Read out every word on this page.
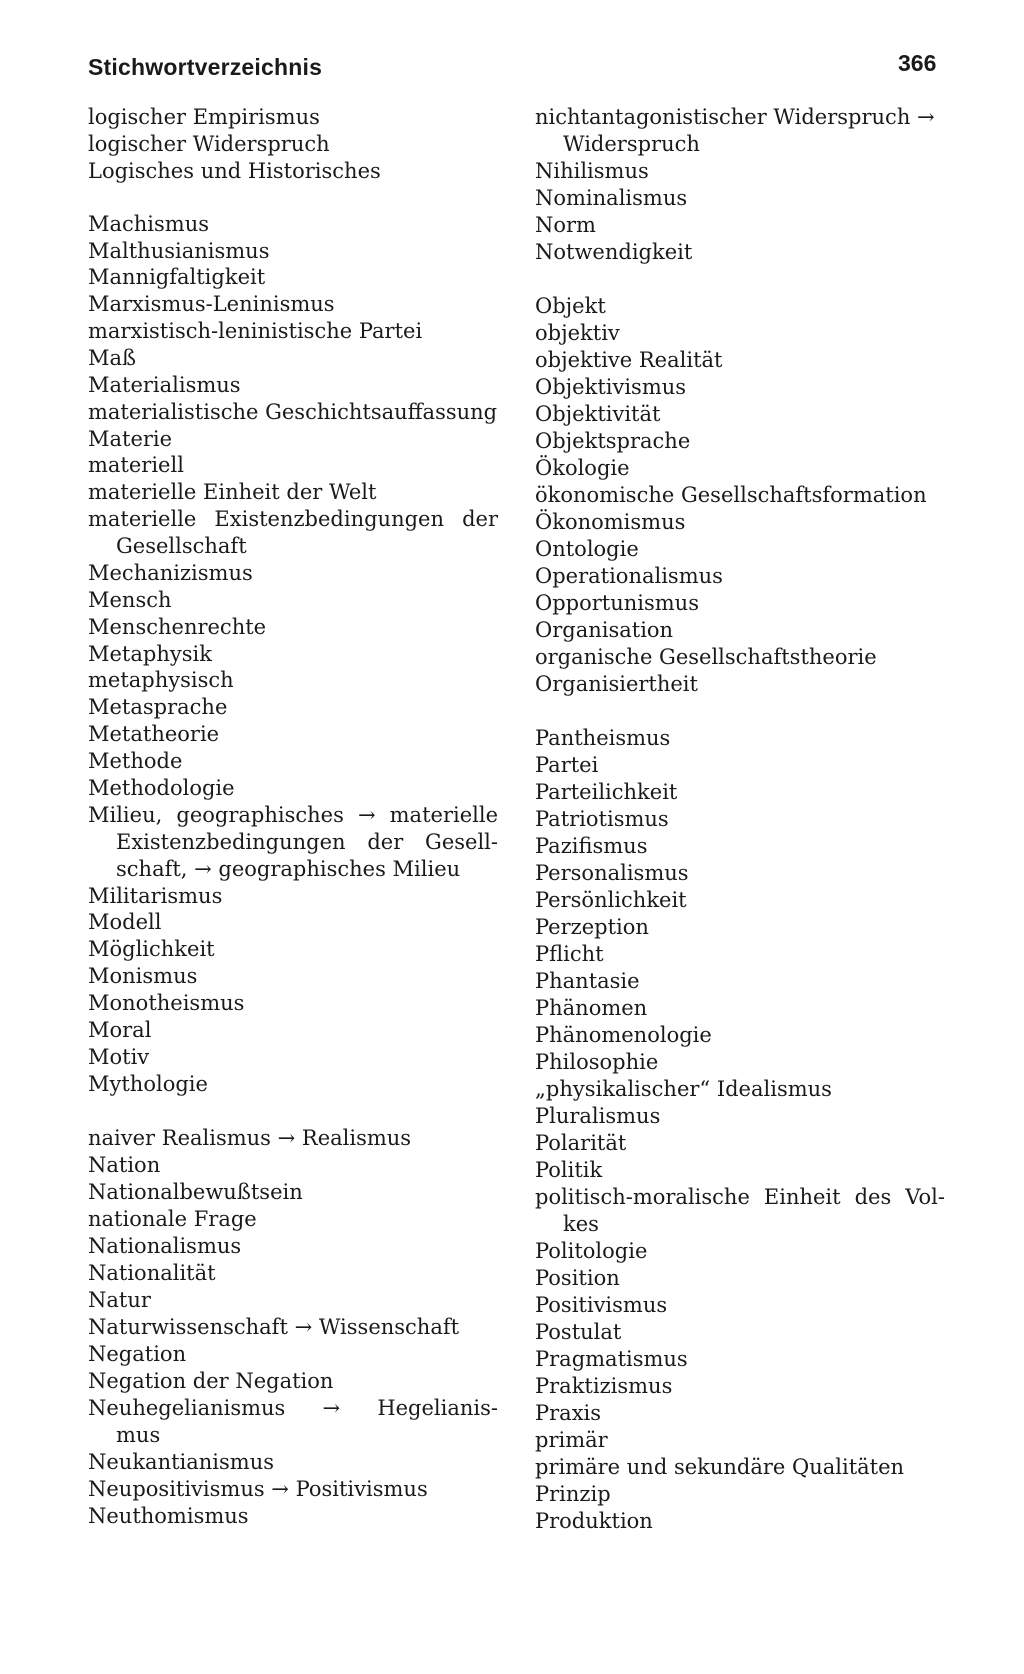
Stichwortverzeichnis	366
logischer Empirismus
logischer Widerspruch
Logisches und Historisches
Machismus
Malthusianismus
Mannigfaltigkeit
Marxismus-Leninismus
marxistisch-leninistische Partei
Maß
Materialismus
materialistische Geschichtsauffassung
Materie
materiell
materielle Einheit der Welt
materielle Existenzbedingungen der
Gesellschaft
Mechanizismus
Mensch
Menschenrechte
Metaphysik
metaphysisch
Metasprache
Metatheorie
Methode
Methodologie
Milieu, geographisches → materielle
Existenzbedingungen der Gesell-
schaft, → geographisches Milieu
Militarismus
Modell
Möglichkeit
Monismus
Monotheismus
Moral
Motiv
Mythologie
naiver Realismus → Realismus
Nation
Nationalbewußtsein
nationale Frage
Nationalismus
Nationalität
Natur
Naturwissenschaft → Wissenschaft
Negation
Negation der Negation
Neuhegelianismus → Hegelianis-
mus
Neukantianismus
Neupositivismus → Positivismus
Neuthomismus
nichtantagonistischer Widerspruch →
Widerspruch
Nihilismus
Nominalismus
Norm
Notwendigkeit
Objekt
objektiv
objektive Realität
Objektivismus
Objektivität
Objektsprache
Ökologie
ökonomische Gesellschaftsformation
Ökonomismus
Ontologie
Operationalismus
Opportunismus
Organisation
organische Gesellschaftstheorie
Organisiertheit
Pantheismus
Partei
Parteilichkeit
Patriotismus
Pazifismus
Personalismus
Persönlichkeit
Perzeption
Pflicht
Phantasie
Phänomen
Phänomenologie
Philosophie
„physikalischer“ Idealismus
Pluralismus
Polarität
Politik
politisch-moralische Einheit des Vol-
kes
Politologie
Position
Positivismus
Postulat
Pragmatismus
Praktizismus
Praxis
primär
primäre und sekundäre Qualitäten
Prinzip
Produktion
